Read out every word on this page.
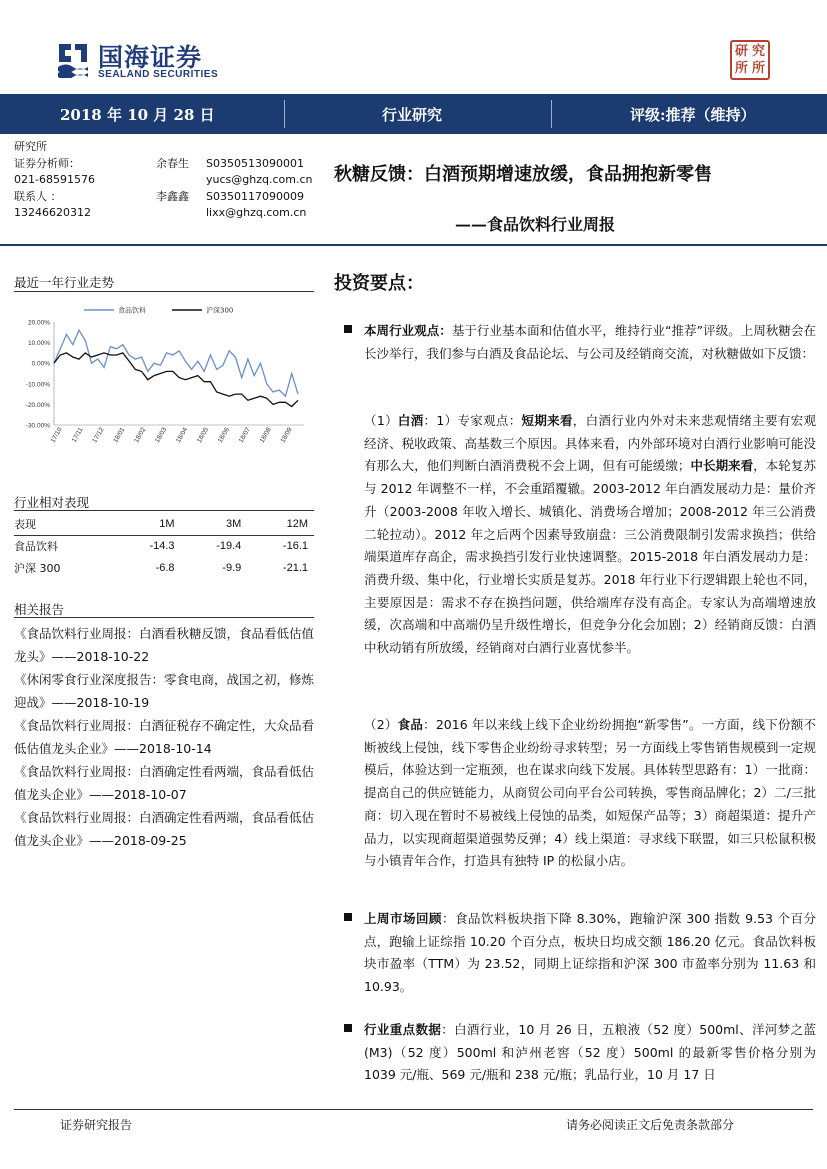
国海证券
SEALAND SECURITIES
研 究
所 所
2018 年 10 月 28 日	行业研究	评级:推荐（维持）
研究所
证券分析师：	余春生 S0350513090001
021-68591576	yucs@ghzq.com.cn
联系人 ：	李鑫鑫 S0350117090009
13246620312	lixx@ghzq.com.cn
秋糖反馈：白酒预期增速放缓，食品拥抱新零售
——食品饮料行业周报
最近一年行业走势
20.00%
10.00%
0.00%
-10.00%
-20.00%
-30.00%
17/10 17/11 17/12 18/01 18/02 18/03 18/04 18/05 18/06 18/07 18/08 18/09
食品饮料	沪深300
行业相对表现
表现	1M	3M	12M
食品饮料	-14.3	-19.4	-16.1
沪深 300	-6.8	-9.9	-21.1
相关报告

《食品饮料行业周报：白酒看秋糖反馈，食品看低估值龙头》——2018-10-22

《休闲零食行业深度报告：零食电商，战国之初，修炼迎战》——2018-10-19

《食品饮料行业周报：白酒征税存不确定性，大众品看低估值龙头企业》——2018-10-14

《食品饮料行业周报：白酒确定性看两端，食品看低估值龙头企业》——2018-10-07

《食品饮料行业周报：白酒确定性看两端，食品看低估值龙头企业》——2018-09-25

投资要点：
本周行业观点：基于行业基本面和估值水平，维持行业“推荐”评级。上周秋糖会在长沙举行，我们参与白酒及食品论坛、与公司及经销商交流，对秋糖做如下反馈：
（1）白酒：1）专家观点：短期来看，白酒行业内外对未来悲观情绪主要有宏观经济、税收政策、高基数三个原因。具体来看，内外部环境对白酒行业影响可能没有那么大，他们判断白酒消费税不会上调，但有可能缓缴；中长期来看，本轮复苏与 2012 年调整不一样，不会重蹈覆辙。2003-2012 年白酒发展动力是：量价齐升（2003-2008 年收入增长、城镇化、消费场合增加；2008-2012 年三公消费二轮拉动）。2012 年之后两个因素导致崩盘：三公消费限制引发需求换挡；供给端渠道库存高企，需求换挡引发行业快速调整。2015-2018 年白酒发展动力是：消费升级、集中化，行业增长实质是复苏。2018 年行业下行逻辑跟上轮也不同，主要原因是：需求不存在换挡问题，供给端库存没有高企。专家认为高端增速放缓，次高端和中高端仍呈升级性增长，但竞争分化会加剧；2）经销商反馈：白酒中秋动销有所放缓，经销商对白酒行业喜忧参半。
（2）食品：2016 年以来线上线下企业纷纷拥抱“新零售”。一方面，线下份额不断被线上侵蚀，线下零售企业纷纷寻求转型；另一方面线上零售销售规模到一定规模后，体验达到一定瓶颈，也在谋求向线下发展。具体转型思路有：1）一批商：提高自己的供应链能力，从商贸公司向平台公司转换，零售商品牌化；2）二/三批商：切入现在暂时不易被线上侵蚀的品类，如短保产品等；3）商超渠道：提升产品力，以实现商超渠道强势反弹；4）线上渠道：寻求线下联盟，如三只松鼠积极与小镇青年合作，打造具有独特 IP 的松鼠小店。
上周市场回顾：食品饮料板块指下降 8.30%，跑输沪深 300 指数 9.53 个百分点，跑输上证综指 10.20 个百分点，板块日均成交额 186.20 亿元。食品饮料板块市盈率（TTM）为 23.52，同期上证综指和沪深 300 市盈率分别为 11.63 和 10.93。
行业重点数据：白酒行业，10 月 26 日，五粮液（52 度）500ml、洋河梦之蓝(M3)（52 度）500ml 和泸州老窖（52 度）500ml 的最新零售价格分别为 1039 元/瓶、569 元/瓶和 238 元/瓶；乳品行业，10 月 17 日
证券研究报告	请务必阅读正文后免责条款部分
